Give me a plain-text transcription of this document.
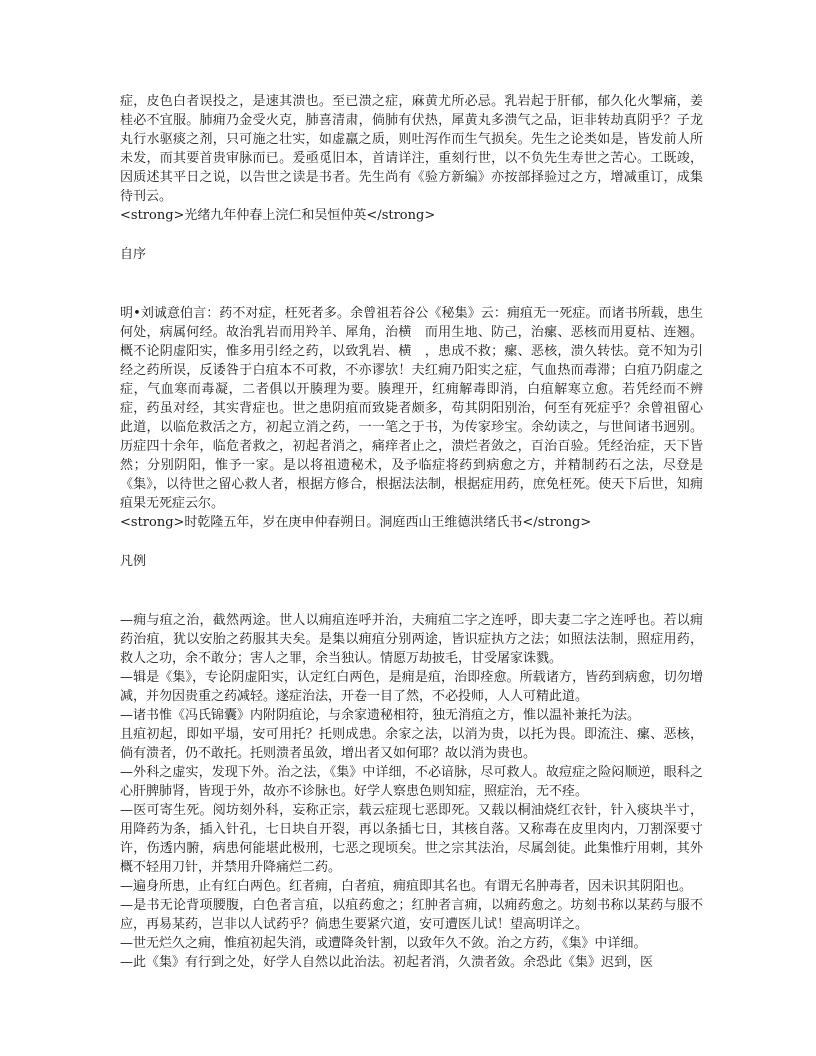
症，皮色白者误投之，是速其溃也。至已溃之症，麻黄尤所必忌。乳岩起于肝郁，郁久化火掣痛，姜桂必不宜服。肺痈乃金受火克，肺喜清肃，倘肺有伏热，犀黄丸多溃气之品，讵非转劫真阴乎？子龙丸行水驱痰之剂，只可施之壮实，如虚羸之质，则吐泻作而生气损矣。先生之论类如是，皆发前人所未发，而其要首贵审脉而已。爰亟觅旧本，首请详注，重刻行世，以不负先生寿世之苦心。工既竣，因质述其平日之说，以告世之读是书者。先生尚有《验方新编》亦按部择验过之方，增减重订，成集待刊云。

<strong>光绪九年仲春上浣仁和吴恒仲英</strong>
自序

明•刘诚意伯言：药不对症，枉死者多。余曾祖若谷公《秘集》云：痈疽无一死症。而诸书所载，患生何处，病属何经。故治乳岩而用羚羊、犀角，治横　而用生地、防己，治瘰、恶核而用夏枯、连翘。概不论阴虚阳实，惟多用引经之药，以致乳岩、横　，患成不救；瘰、恶核，溃久转怯。竟不知为引经之药所误，反诿咎于白疽本不可救，不亦谬欤！夫红痈乃阳实之症，气血热而毒滞；白疽乃阴虚之症，气血寒而毒凝，二者俱以开腠理为要。腠理开，红痈解毒即消，白疽解寒立愈。若凭经而不辨症，药虽对经，其实背症也。世之患阴疽而致毙者颇多，苟其阴阳别治，何至有死症乎？余曾祖留心此道，以临危救活之方，初起立消之药，一一笔之于书，为传家珍宝。余幼读之，与世间诸书迥别。历症四十余年，临危者救之，初起者消之，痛痒者止之，溃烂者敛之，百治百验。凭经治症，天下皆然；分别阴阳，惟予一家。是以将祖遗秘术，及予临症将药到病愈之方，并精制药石之法，尽登是《集》，以待世之留心救人者，根据方修合，根据法法制，根据症用药，庶免枉死。使天下后世，知痈疽果无死症云尔。

<strong>时乾隆五年，岁在庚申仲春朔日。洞庭西山王维德洪绪氏书</strong>
凡例

—痈与疽之治，截然两途。世人以痈疽连呼并治，夫痈疽二字之连呼，即夫妻二字之连呼也。若以痈药治疽，犹以安胎之药服其夫矣。是集以痈疽分别两途，皆识症执方之法；如照法法制，照症用药，救人之功，余不敢分；害人之罪，余当独认。情愿万劫披毛，甘受屠家诛戮。

—辑是《集》，专论阴虚阳实，认定红白两色，是痈是疽，治即痊愈。所载诸方，皆药到病愈，切勿增减，并勿因贵重之药减轻。遂症治法，开卷一目了然，不必投师，人人可精此道。

—诸书惟《冯氏锦囊》内附阴疽论，与余家遗秘相符，独无消疽之方，惟以温补兼托为法。

且疽初起，即如平塌，安可用托？托则成患。余家之法，以消为贵，以托为畏。即流注、瘰、恶核，倘有溃者，仍不敢托。托则溃者虽敛，增出者又如何耶？故以消为贵也。

—外科之虚实，发现下外。治之法，《集》中详细，不必谙脉，尽可救人。故痘症之险闷顺逆，眼科之心肝脾肺肾，皆现于外，故亦不诊脉也。好学人察患色则知症，照症治，无不痊。

—医可寄生死。阅坊刻外科，妄称正宗，载云症现七恶即死。又载以桐油烧红衣针，针入痰块半寸，用降药为条，插入针孔，七日块自开裂，再以条插七日，其核自落。又称毒在皮里肉内，刀割深要寸许，伤透内腑，病患何能堪此极刑，七恶之现顷矣。世之宗其法治，尽属刽徒。此集惟疔用刺，其外概不轻用刀针，并禁用升降痛烂二药。

—遍身所患，止有红白两色。红者痈，白者疽，痈疽即其名也。有谓无名肿毒者，因未识其阴阳也。

—是书无论背项腰腹，白色者言疽，以疽药愈之；红肿者言痈，以痈药愈之。坊刻书称以某药与服不应，再易某药，岂非以人试药乎？倘患生要紧穴道，安可遭医儿试！望高明详之。

—世无烂久之痈，惟疽初起失消，或遭降灸针割，以致年久不敛。治之方药，《集》中详细。

—此《集》有行到之处，好学人自然以此治法。初起者消，久溃者敛。余恐此《集》迟到，医
